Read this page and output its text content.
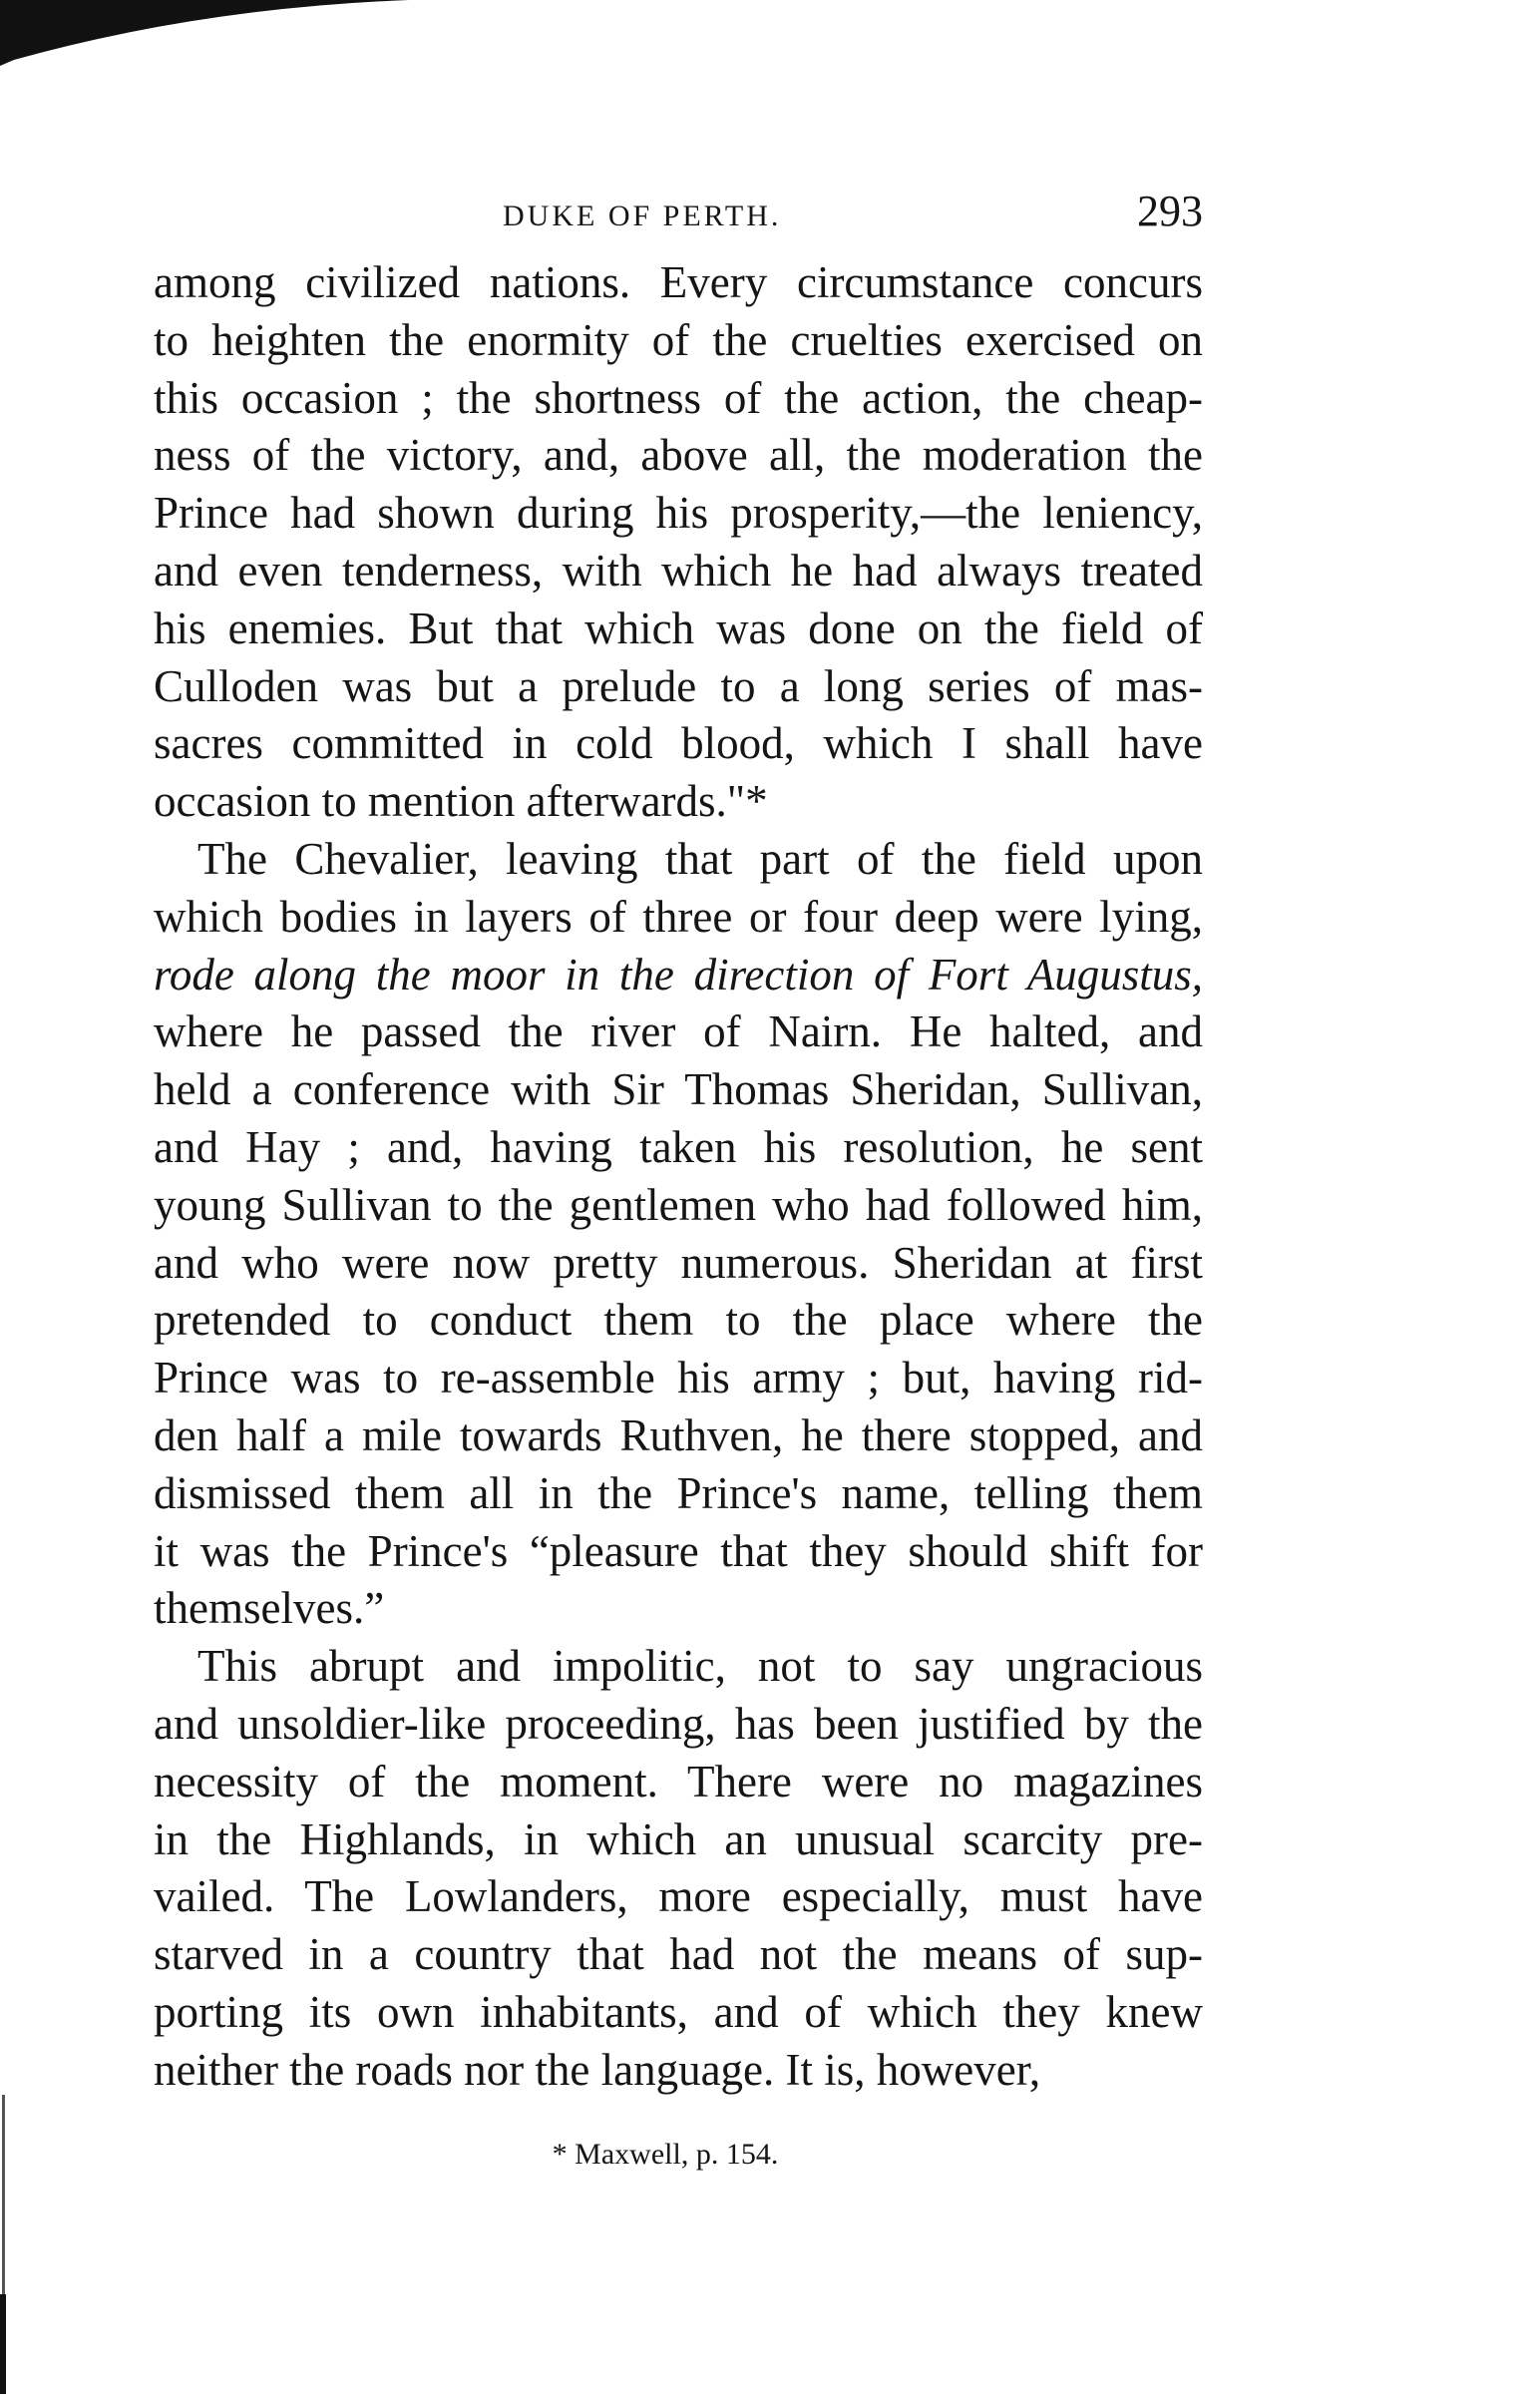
DUKE OF PERTH.	293
among civilized nations. Every circumstance concurs
to heighten the enormity of the cruelties exercised on
this occasion ; the shortness of the action, the cheap-
ness of the victory, and, above all, the moderation the
Prince had shown during his prosperity,—the leniency,
and even tenderness, with which he had always treated
his enemies. But that which was done on the field of
Culloden was but a prelude to a long series of mas-
sacres committed in cold blood, which I shall have
occasion to mention afterwards."*
The Chevalier, leaving that part of the field upon
which bodies in layers of three or four deep were lying,
rode along the moor in the direction of Fort Augustus,
where he passed the river of Nairn. He halted, and
held a conference with Sir Thomas Sheridan, Sullivan,
and Hay ; and, having taken his resolution, he sent
young Sullivan to the gentlemen who had followed him,
and who were now pretty numerous. Sheridan at first
pretended to conduct them to the place where the
Prince was to re-assemble his army ; but, having rid-
den half a mile towards Ruthven, he there stopped, and
dismissed them all in the Prince's name, telling them
it was the Prince's “pleasure that they should shift for
themselves.”
This abrupt and impolitic, not to say ungracious
and unsoldier-like proceeding, has been justified by the
necessity of the moment. There were no magazines
in the Highlands, in which an unusual scarcity pre-
vailed. The Lowlanders, more especially, must have
starved in a country that had not the means of sup-
porting its own inhabitants, and of which they knew
neither the roads nor the language. It is, however,
* Maxwell, p. 154.
